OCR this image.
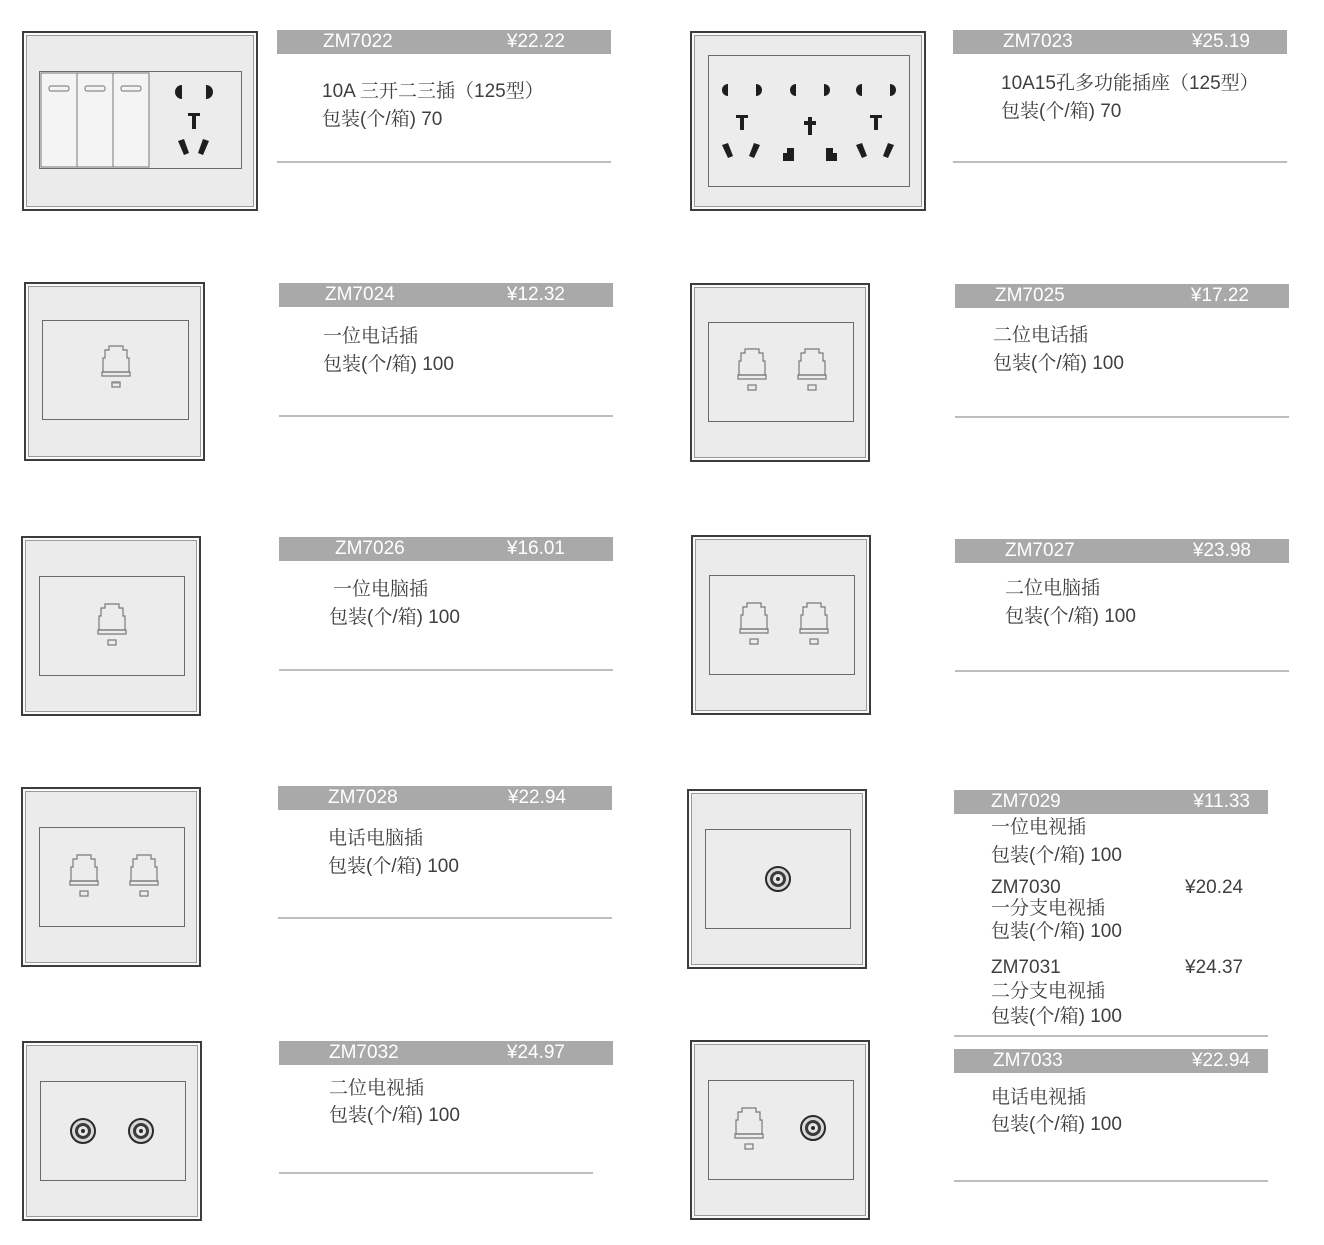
ZM7022	¥22.22
10A 三开二三插（125型）
包装(个/箱) 70
ZM7023	¥25.19
10A15孔多功能插座（125型）
包装(个/箱) 70
ZM7024	¥12.32
一位电话插
包装(个/箱) 100
ZM7025	¥17.22
二位电话插
包装(个/箱) 100
ZM7026	¥16.01
一位电脑插
包装(个/箱) 100
ZM7027	¥23.98
二位电脑插
包装(个/箱) 100
ZM7028	¥22.94
电话电脑插
包装(个/箱) 100
ZM7029	¥11.33
一位电视插
包装(个/箱) 100
ZM7030	¥20.24
一分支电视插
包装(个/箱) 100
ZM7031	¥24.37
二分支电视插
包装(个/箱) 100
ZM7032	¥24.97
二位电视插
包装(个/箱) 100
ZM7033	¥22.94
电话电视插
包装(个/箱) 100
